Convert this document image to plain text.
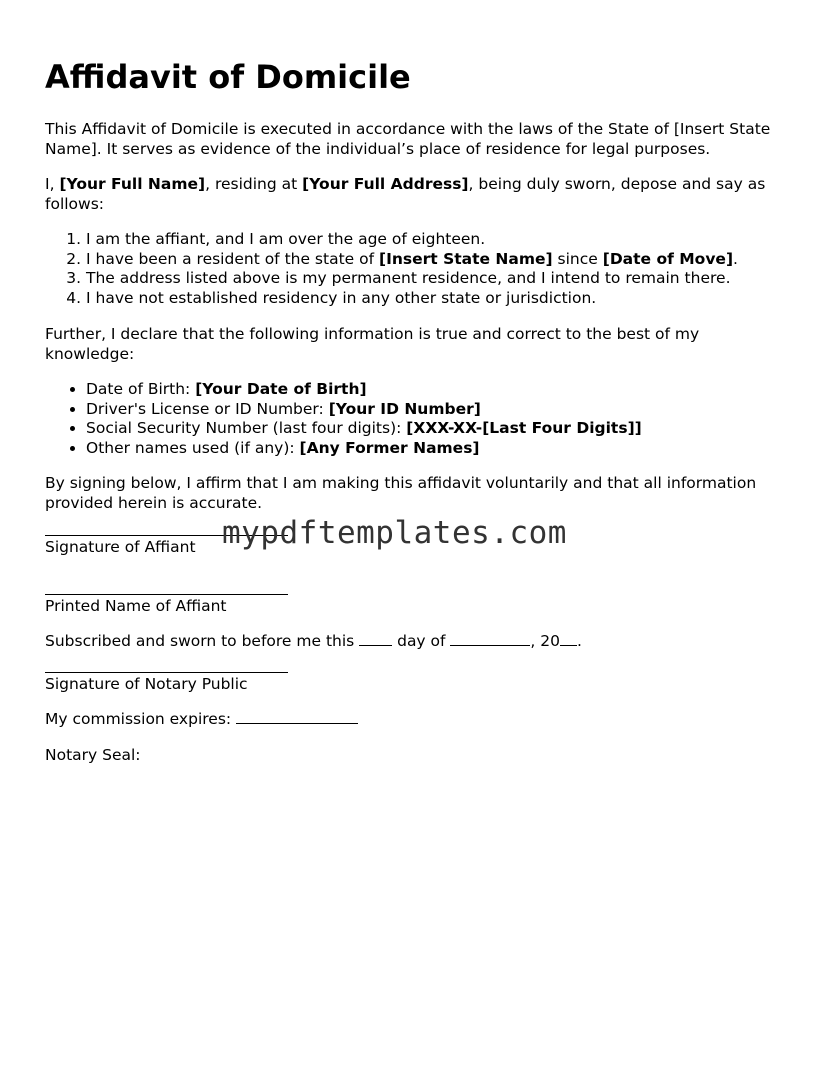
Affidavit of Domicile

This Affidavit of Domicile is executed in accordance with the laws of the State of [Insert State Name]. It serves as evidence of the individual’s place of residence for legal purposes.

I, [Your Full Name], residing at [Your Full Address], being duly sworn, depose and say as follows:

1. I am the affiant, and I am over the age of eighteen.
2. I have been a resident of the state of [Insert State Name] since [Date of Move].
3. The address listed above is my permanent residence, and I intend to remain there.
4. I have not established residency in any other state or jurisdiction.

Further, I declare that the following information is true and correct to the best of my knowledge:

• Date of Birth: [Your Date of Birth]
• Driver's License or ID Number: [Your ID Number]
• Social Security Number (last four digits): [XXX-XX-[Last Four Digits]]
• Other names used (if any): [Any Former Names]

By signing below, I affirm that I am making this affidavit voluntarily and that all information provided herein is accurate.

Signature of Affiant

Printed Name of Affiant

Subscribed and sworn to before me this  day of	, 20 .

Signature of Notary Public

My commission expires:

Notary Seal:

mypdftemplates.com
